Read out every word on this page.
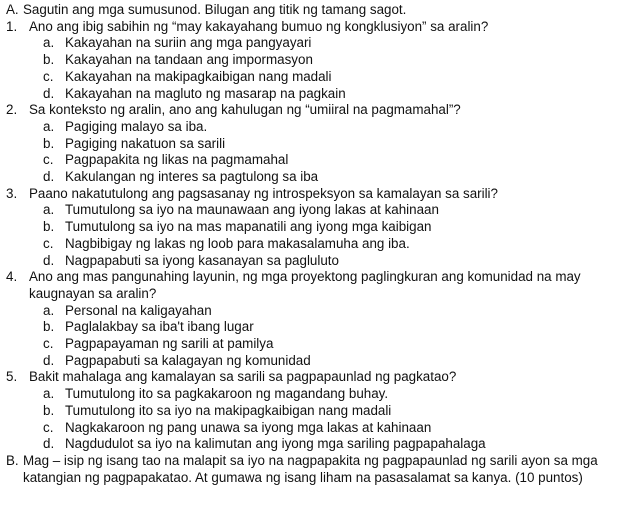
A. Sagutin ang mga sumusunod. Bilugan ang titik ng tamang sagot.
1. Ano ang ibig sabihin ng “may kakayahang bumuo ng kongklusiyon” sa aralin?
a. Kakayahan na suriin ang mga pangyayari
b. Kakayahan na tandaan ang impormasyon
c. Kakayahan na makipagkaibigan nang madali
d. Kakayahan na magluto ng masarap na pagkain
2. Sa konteksto ng aralin, ano ang kahulugan ng “umiiral na pagmamahal”?
a. Pagiging malayo sa iba.
b. Pagiging nakatuon sa sarili
c. Pagpapakita ng likas na pagmamahal
d. Kakulangan ng interes sa pagtulong sa iba
3. Paano nakatutulong ang pagsasanay ng introspeksyon sa kamalayan sa sarili?
a. Tumutulong sa iyo na maunawaan ang iyong lakas at kahinaan
b. Tumutulong sa iyo na mas mapanatili ang iyong mga kaibigan
c. Nagbibigay ng lakas ng loob para makasalamuha ang iba.
d. Nagpapabuti sa iyong kasanayan sa pagluluto
4. Ano ang mas pangunahing layunin, ng mga proyektong paglingkuran ang komunidad na may kaugnayan sa aralin?
a. Personal na kaligayahan
b. Paglalakbay sa iba't ibang lugar
c. Pagpapayaman ng sarili at pamilya
d. Pagpapabuti sa kalagayan ng komunidad
5. Bakit mahalaga ang kamalayan sa sarili sa pagpapaunlad ng pagkatao?
a. Tumutulong ito sa pagkakaroon ng magandang buhay.
b. Tumutulong ito sa iyo na makipagkaibigan nang madali
c. Nagkakaroon ng pang unawa sa iyong mga lakas at kahinaan
d. Nagdudulot sa iyo na kalimutan ang iyong mga sariling pagpapahalaga
B. Mag – isip ng isang tao na malapit sa iyo na nagpapakita ng pagpapaunlad ng sarili ayon sa mga katangian ng pagpapakatao. At gumawa ng isang liham na pasasalamat sa kanya. (10 puntos)
